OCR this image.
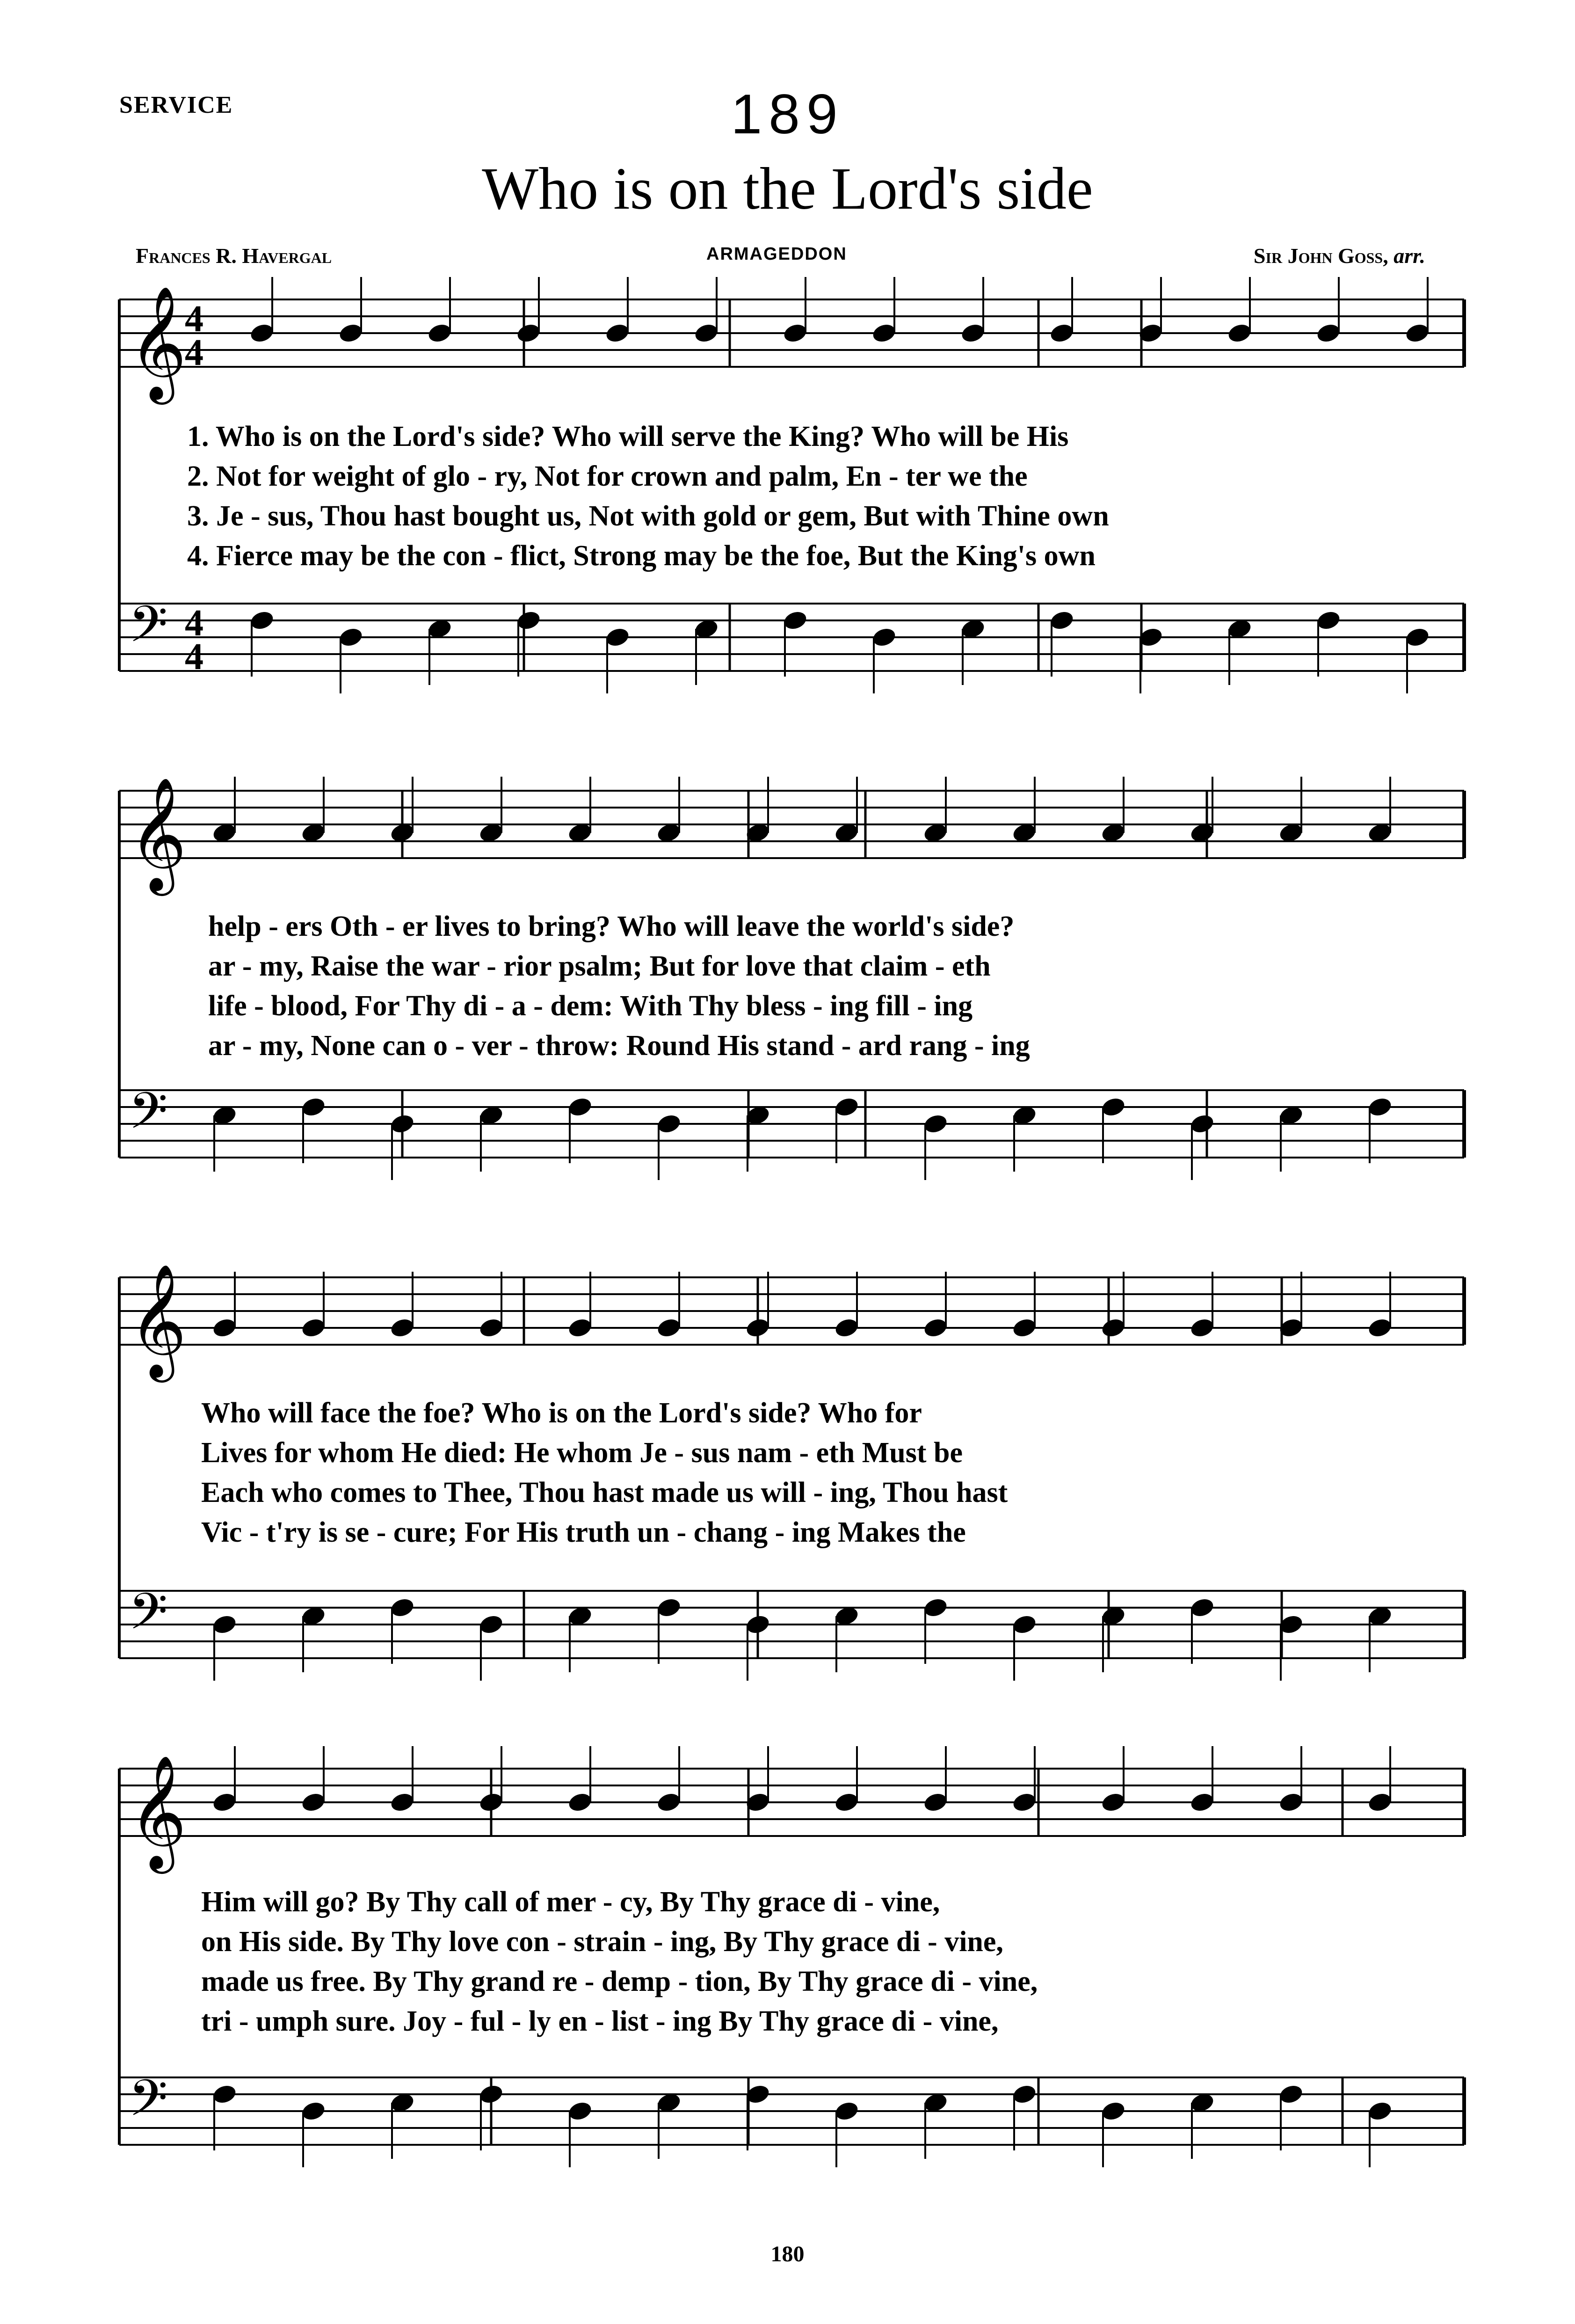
SERVICE	189
Who is on the Lord's side
Frances R. Havergal	ARMAGEDDON	Sir John Goss, arr.
𝄞
4
4
𝄢 4
4
𝄞
𝄢
𝄞
𝄢
𝄞
𝄢
1. Who is on the Lord's side? Who will serve the King? Who will be His
2. Not for weight of glo - ry, Not for crown and palm, En - ter we the
3. Je - sus, Thou hast bought us, Not with gold or gem, But with Thine own
4. Fierce may be the con - flict, Strong may be the foe, But the King's own
help - ers Oth - er lives to bring? Who will leave the world's side?
ar - my, Raise the war - rior psalm; But for love that claim - eth
life - blood, For Thy di - a - dem: With Thy bless - ing fill - ing
ar - my, None can o - ver - throw: Round His stand - ard rang - ing
Who will face the foe? Who is on the Lord's side? Who for
Lives for whom He died: He whom Je - sus nam - eth Must be
Each who comes to Thee, Thou hast made us will - ing, Thou hast
Vic - t'ry is se - cure; For His truth un - chang - ing Makes the
Him will go? By Thy call of mer - cy, By Thy grace di - vine,
on His side. By Thy love con - strain - ing, By Thy grace di - vine,
made us free. By Thy grand re - demp - tion, By Thy grace di - vine,
tri - umph sure. Joy - ful - ly en - list - ing By Thy grace di - vine,
180
